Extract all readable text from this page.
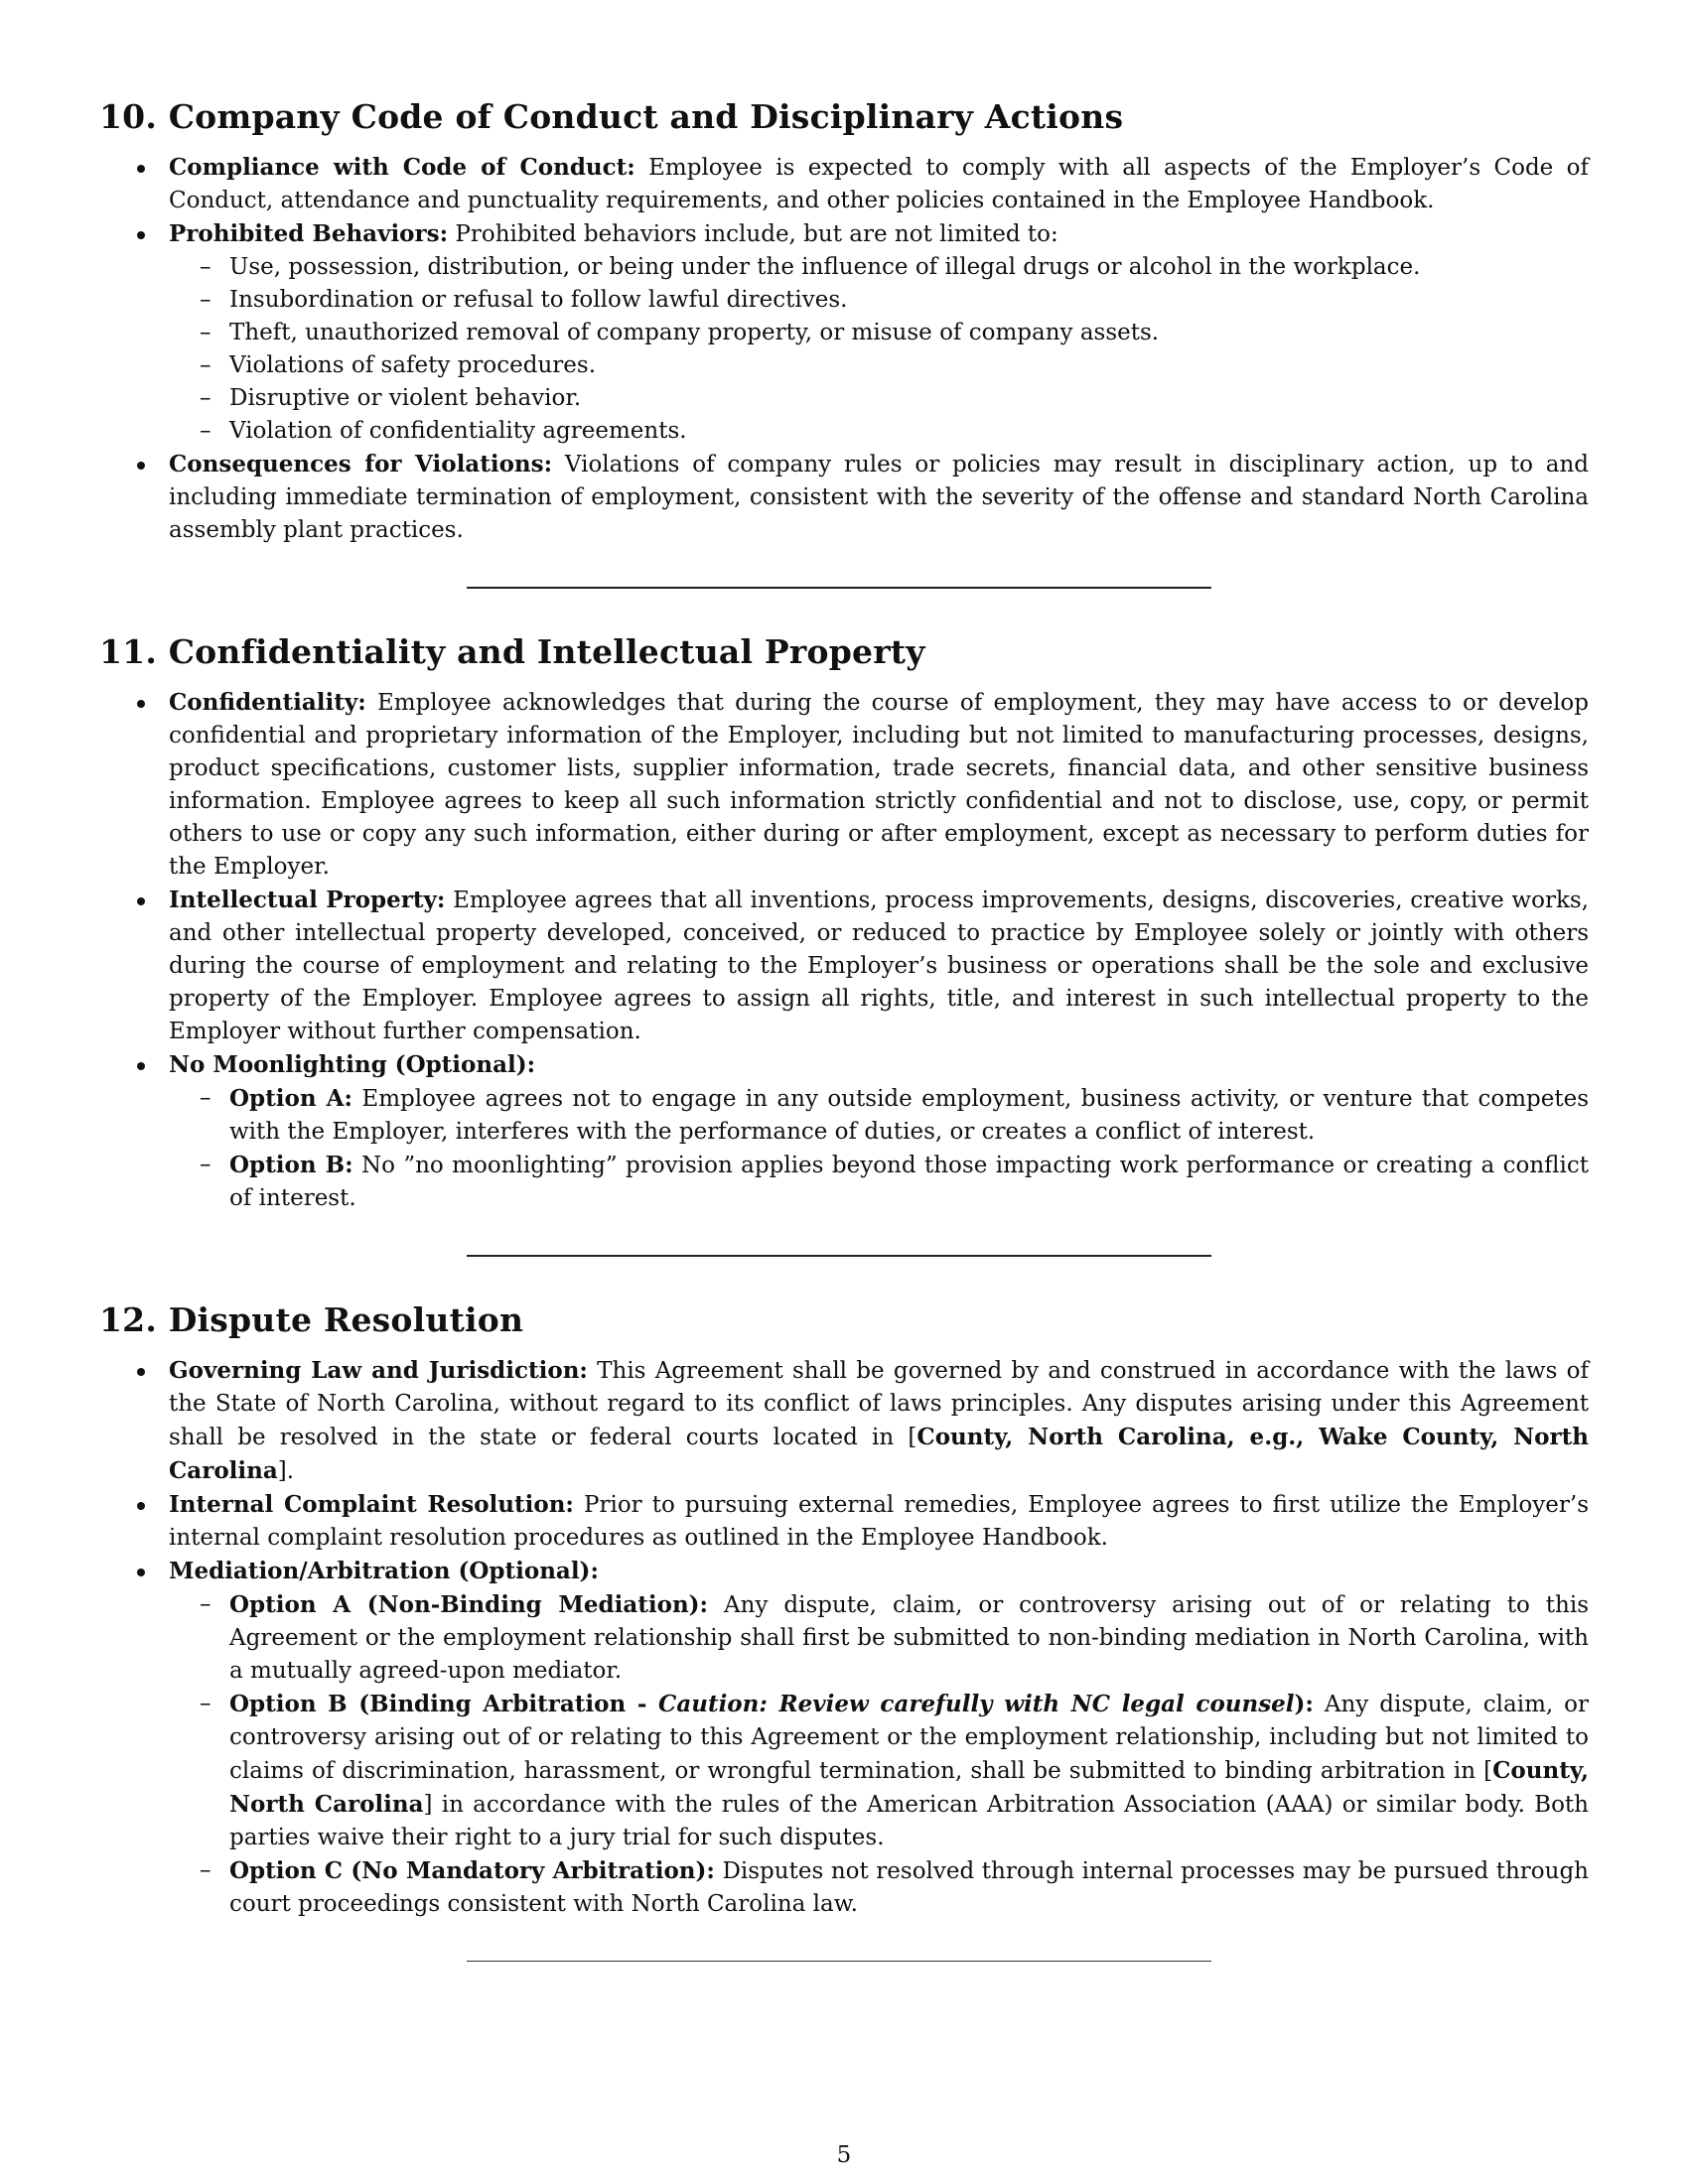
10. Company Code of Conduct and Disciplinary Actions
Compliance with Code of Conduct: Employee is expected to comply with all aspects of the Employer’s Code of Conduct, attendance and punctuality requirements, and other policies contained in the Employee Handbook.
Prohibited Behaviors: Prohibited behaviors include, but are not limited to:
– Use, possession, distribution, or being under the influence of illegal drugs or alcohol in the workplace.
– Insubordination or refusal to follow lawful directives.
– Theft, unauthorized removal of company property, or misuse of company assets.
– Violations of safety procedures.
– Disruptive or violent behavior.
– Violation of confidentiality agreements.
Consequences for Violations: Violations of company rules or policies may result in disciplinary action, up to and including immediate termination of employment, consistent with the severity of the offense and standard North Carolina assembly plant practices.
11. Confidentiality and Intellectual Property
Confidentiality: Employee acknowledges that during the course of employment, they may have access to or develop confidential and proprietary information of the Employer, including but not limited to manufacturing processes, designs, product specifications, customer lists, supplier information, trade secrets, financial data, and other sensitive business information. Employee agrees to keep all such information strictly confidential and not to disclose, use, copy, or permit others to use or copy any such information, either during or after employment, except as necessary to perform duties for the Employer.
Intellectual Property: Employee agrees that all inventions, process improvements, designs, discoveries, creative works, and other intellectual property developed, conceived, or reduced to practice by Employee solely or jointly with others during the course of employment and relating to the Employer’s business or operations shall be the sole and exclusive property of the Employer. Employee agrees to assign all rights, title, and interest in such intellectual property to the Employer without further compensation.
No Moonlighting (Optional):
– Option A: Employee agrees not to engage in any outside employment, business activity, or venture that competes with the Employer, interferes with the performance of duties, or creates a conflict of interest.
– Option B: No ”no moonlighting” provision applies beyond those impacting work performance or creating a conflict of interest.
12. Dispute Resolution
Governing Law and Jurisdiction: This Agreement shall be governed by and construed in accordance with the laws of the State of North Carolina, without regard to its conflict of laws principles. Any disputes arising under this Agreement shall be resolved in the state or federal courts located in [County, North Carolina, e.g., Wake County, North Carolina].
Internal Complaint Resolution: Prior to pursuing external remedies, Employee agrees to first utilize the Employer’s internal complaint resolution procedures as outlined in the Employee Handbook.
Mediation/Arbitration (Optional):
– Option A (Non-Binding Mediation): Any dispute, claim, or controversy arising out of or relating to this Agreement or the employment relationship shall first be submitted to non-binding mediation in North Carolina, with a mutually agreed-upon mediator.
– Option B (Binding Arbitration - Caution: Review carefully with NC legal counsel): Any dispute, claim, or controversy arising out of or relating to this Agreement or the employment relationship, including but not limited to claims of discrimination, harassment, or wrongful termination, shall be submitted to binding arbitration in [County, North Carolina] in accordance with the rules of the American Arbitration Association (AAA) or similar body. Both parties waive their right to a jury trial for such disputes.
– Option C (No Mandatory Arbitration): Disputes not resolved through internal processes may be pursued through court proceedings consistent with North Carolina law.
5
